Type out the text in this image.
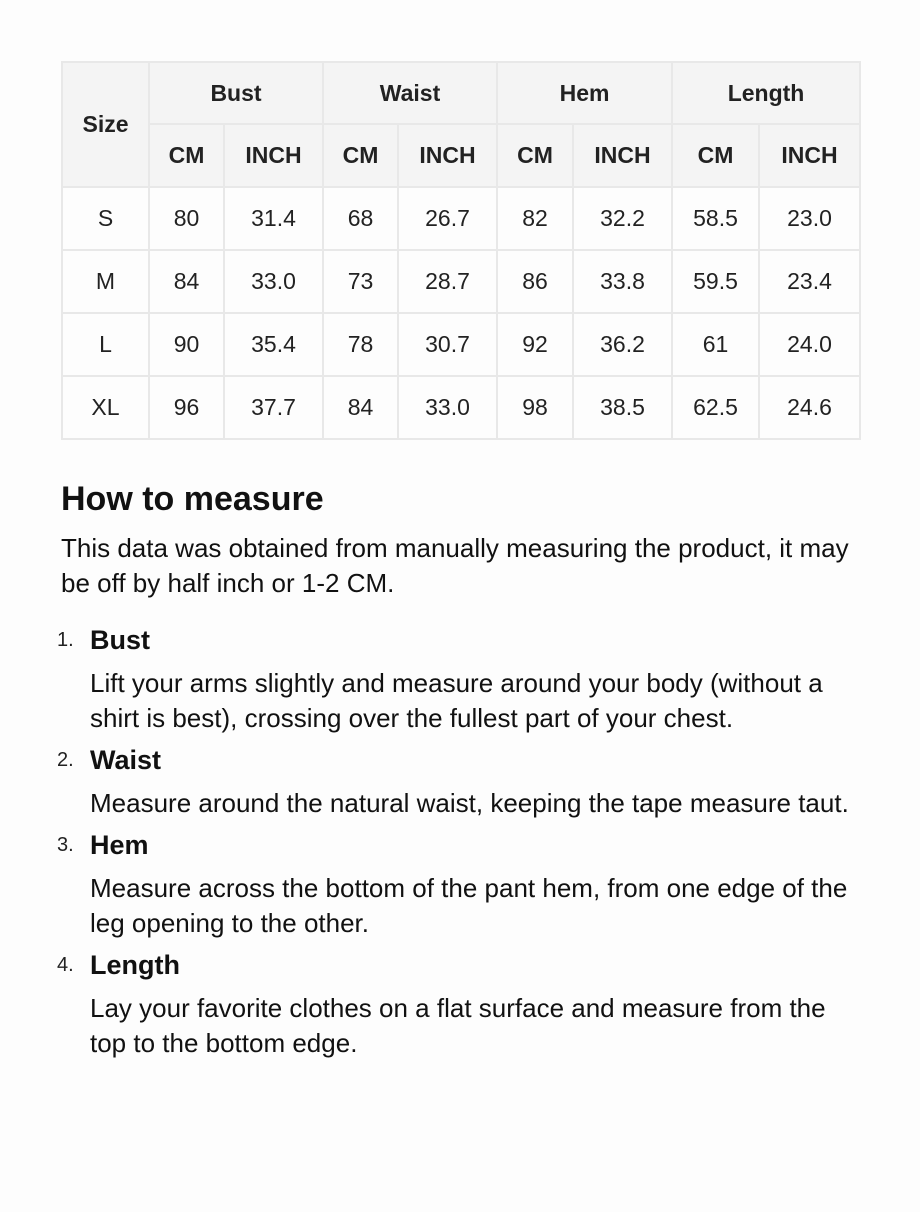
Size	Bust		Waist		Hem		Length	
	CM	INCH	CM	INCH	CM	INCH	CM	INCH
S	80	31.4	68	26.7	82	32.2	58.5	23.0
M	84	33.0	73	28.7	86	33.8	59.5	23.4
L	90	35.4	78	30.7	92	36.2	61	24.0
XL	96	37.7	84	33.0	98	38.5	62.5	24.6
How to measure

This data was obtained from manually measuring the product, it may be off by half inch or 1-2 CM.

1. Bust
Lift your arms slightly and measure around your body (without a shirt is best), crossing over the fullest part of your chest.
2. Waist
Measure around the natural waist, keeping the tape measure taut.
3. Hem
Measure across the bottom of the pant hem, from one edge of the leg opening to the other.
4. Length
Lay your favorite clothes on a flat surface and measure from the top to the bottom edge.
